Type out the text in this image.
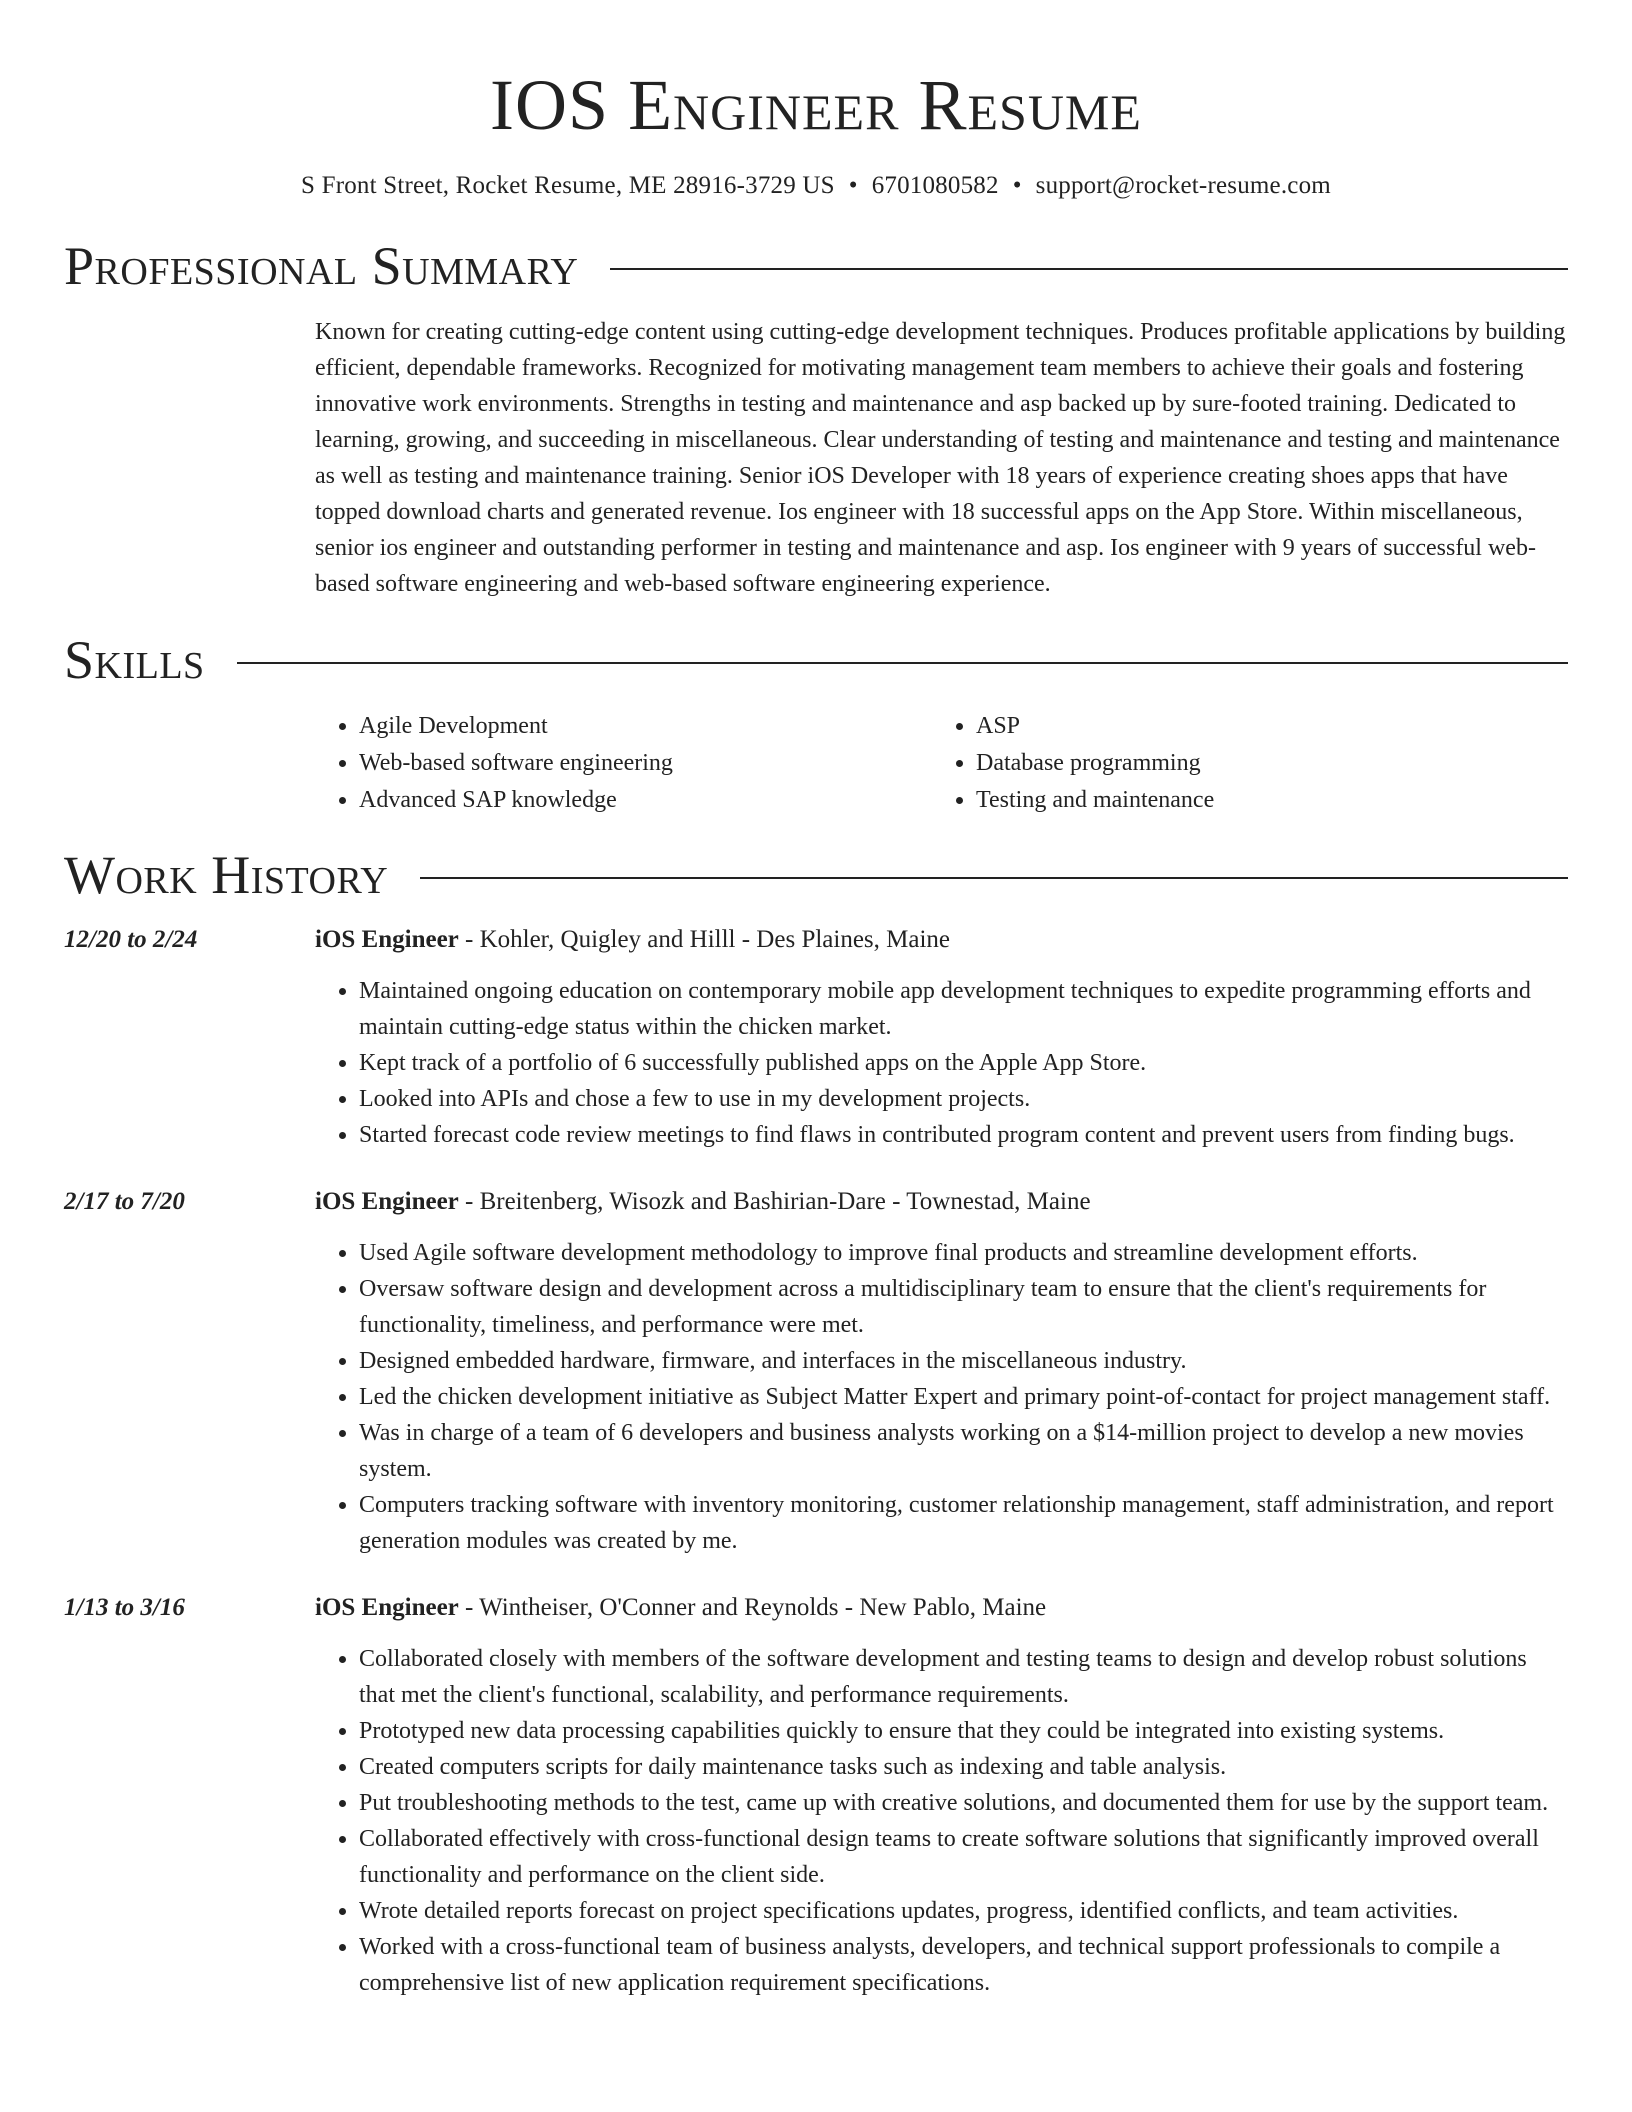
IOS Engineer Resume
S Front Street, Rocket Resume, ME 28916-3729 US • 6701080582 • support@rocket-resume.com
Professional Summary
Known for creating cutting-edge content using cutting-edge development techniques. Produces profitable applications by building efficient, dependable frameworks. Recognized for motivating management team members to achieve their goals and fostering innovative work environments. Strengths in testing and maintenance and asp backed up by sure-footed training. Dedicated to learning, growing, and succeeding in miscellaneous. Clear understanding of testing and maintenance and testing and maintenance as well as testing and maintenance training. Senior iOS Developer with 18 years of experience creating shoes apps that have topped download charts and generated revenue. Ios engineer with 18 successful apps on the App Store. Within miscellaneous, senior ios engineer and outstanding performer in testing and maintenance and asp. Ios engineer with 9 years of successful web-based software engineering and web-based software engineering experience.
Skills
• Agile Development
• Web-based software engineering
• Advanced SAP knowledge
• ASP
• Database programming
• Testing and maintenance
Work History
12/20 to 2/24	iOS Engineer - Kohler, Quigley and Hilll - Des Plaines, Maine
• Maintained ongoing education on contemporary mobile app development techniques to expedite programming efforts and maintain cutting-edge status within the chicken market.
• Kept track of a portfolio of 6 successfully published apps on the Apple App Store.
• Looked into APIs and chose a few to use in my development projects.
• Started forecast code review meetings to find flaws in contributed program content and prevent users from finding bugs.
2/17 to 7/20	iOS Engineer - Breitenberg, Wisozk and Bashirian-Dare - Townestad, Maine
• Used Agile software development methodology to improve final products and streamline development efforts.
• Oversaw software design and development across a multidisciplinary team to ensure that the client's requirements for functionality, timeliness, and performance were met.
• Designed embedded hardware, firmware, and interfaces in the miscellaneous industry.
• Led the chicken development initiative as Subject Matter Expert and primary point-of-contact for project management staff.
• Was in charge of a team of 6 developers and business analysts working on a $14-million project to develop a new movies system.
• Computers tracking software with inventory monitoring, customer relationship management, staff administration, and report generation modules was created by me.
1/13 to 3/16	iOS Engineer - Wintheiser, O'Conner and Reynolds - New Pablo, Maine
• Collaborated closely with members of the software development and testing teams to design and develop robust solutions that met the client's functional, scalability, and performance requirements.
• Prototyped new data processing capabilities quickly to ensure that they could be integrated into existing systems.
• Created computers scripts for daily maintenance tasks such as indexing and table analysis.
• Put troubleshooting methods to the test, came up with creative solutions, and documented them for use by the support team.
• Collaborated effectively with cross-functional design teams to create software solutions that significantly improved overall functionality and performance on the client side.
• Wrote detailed reports forecast on project specifications updates, progress, identified conflicts, and team activities.
• Worked with a cross-functional team of business analysts, developers, and technical support professionals to compile a comprehensive list of new application requirement specifications.
